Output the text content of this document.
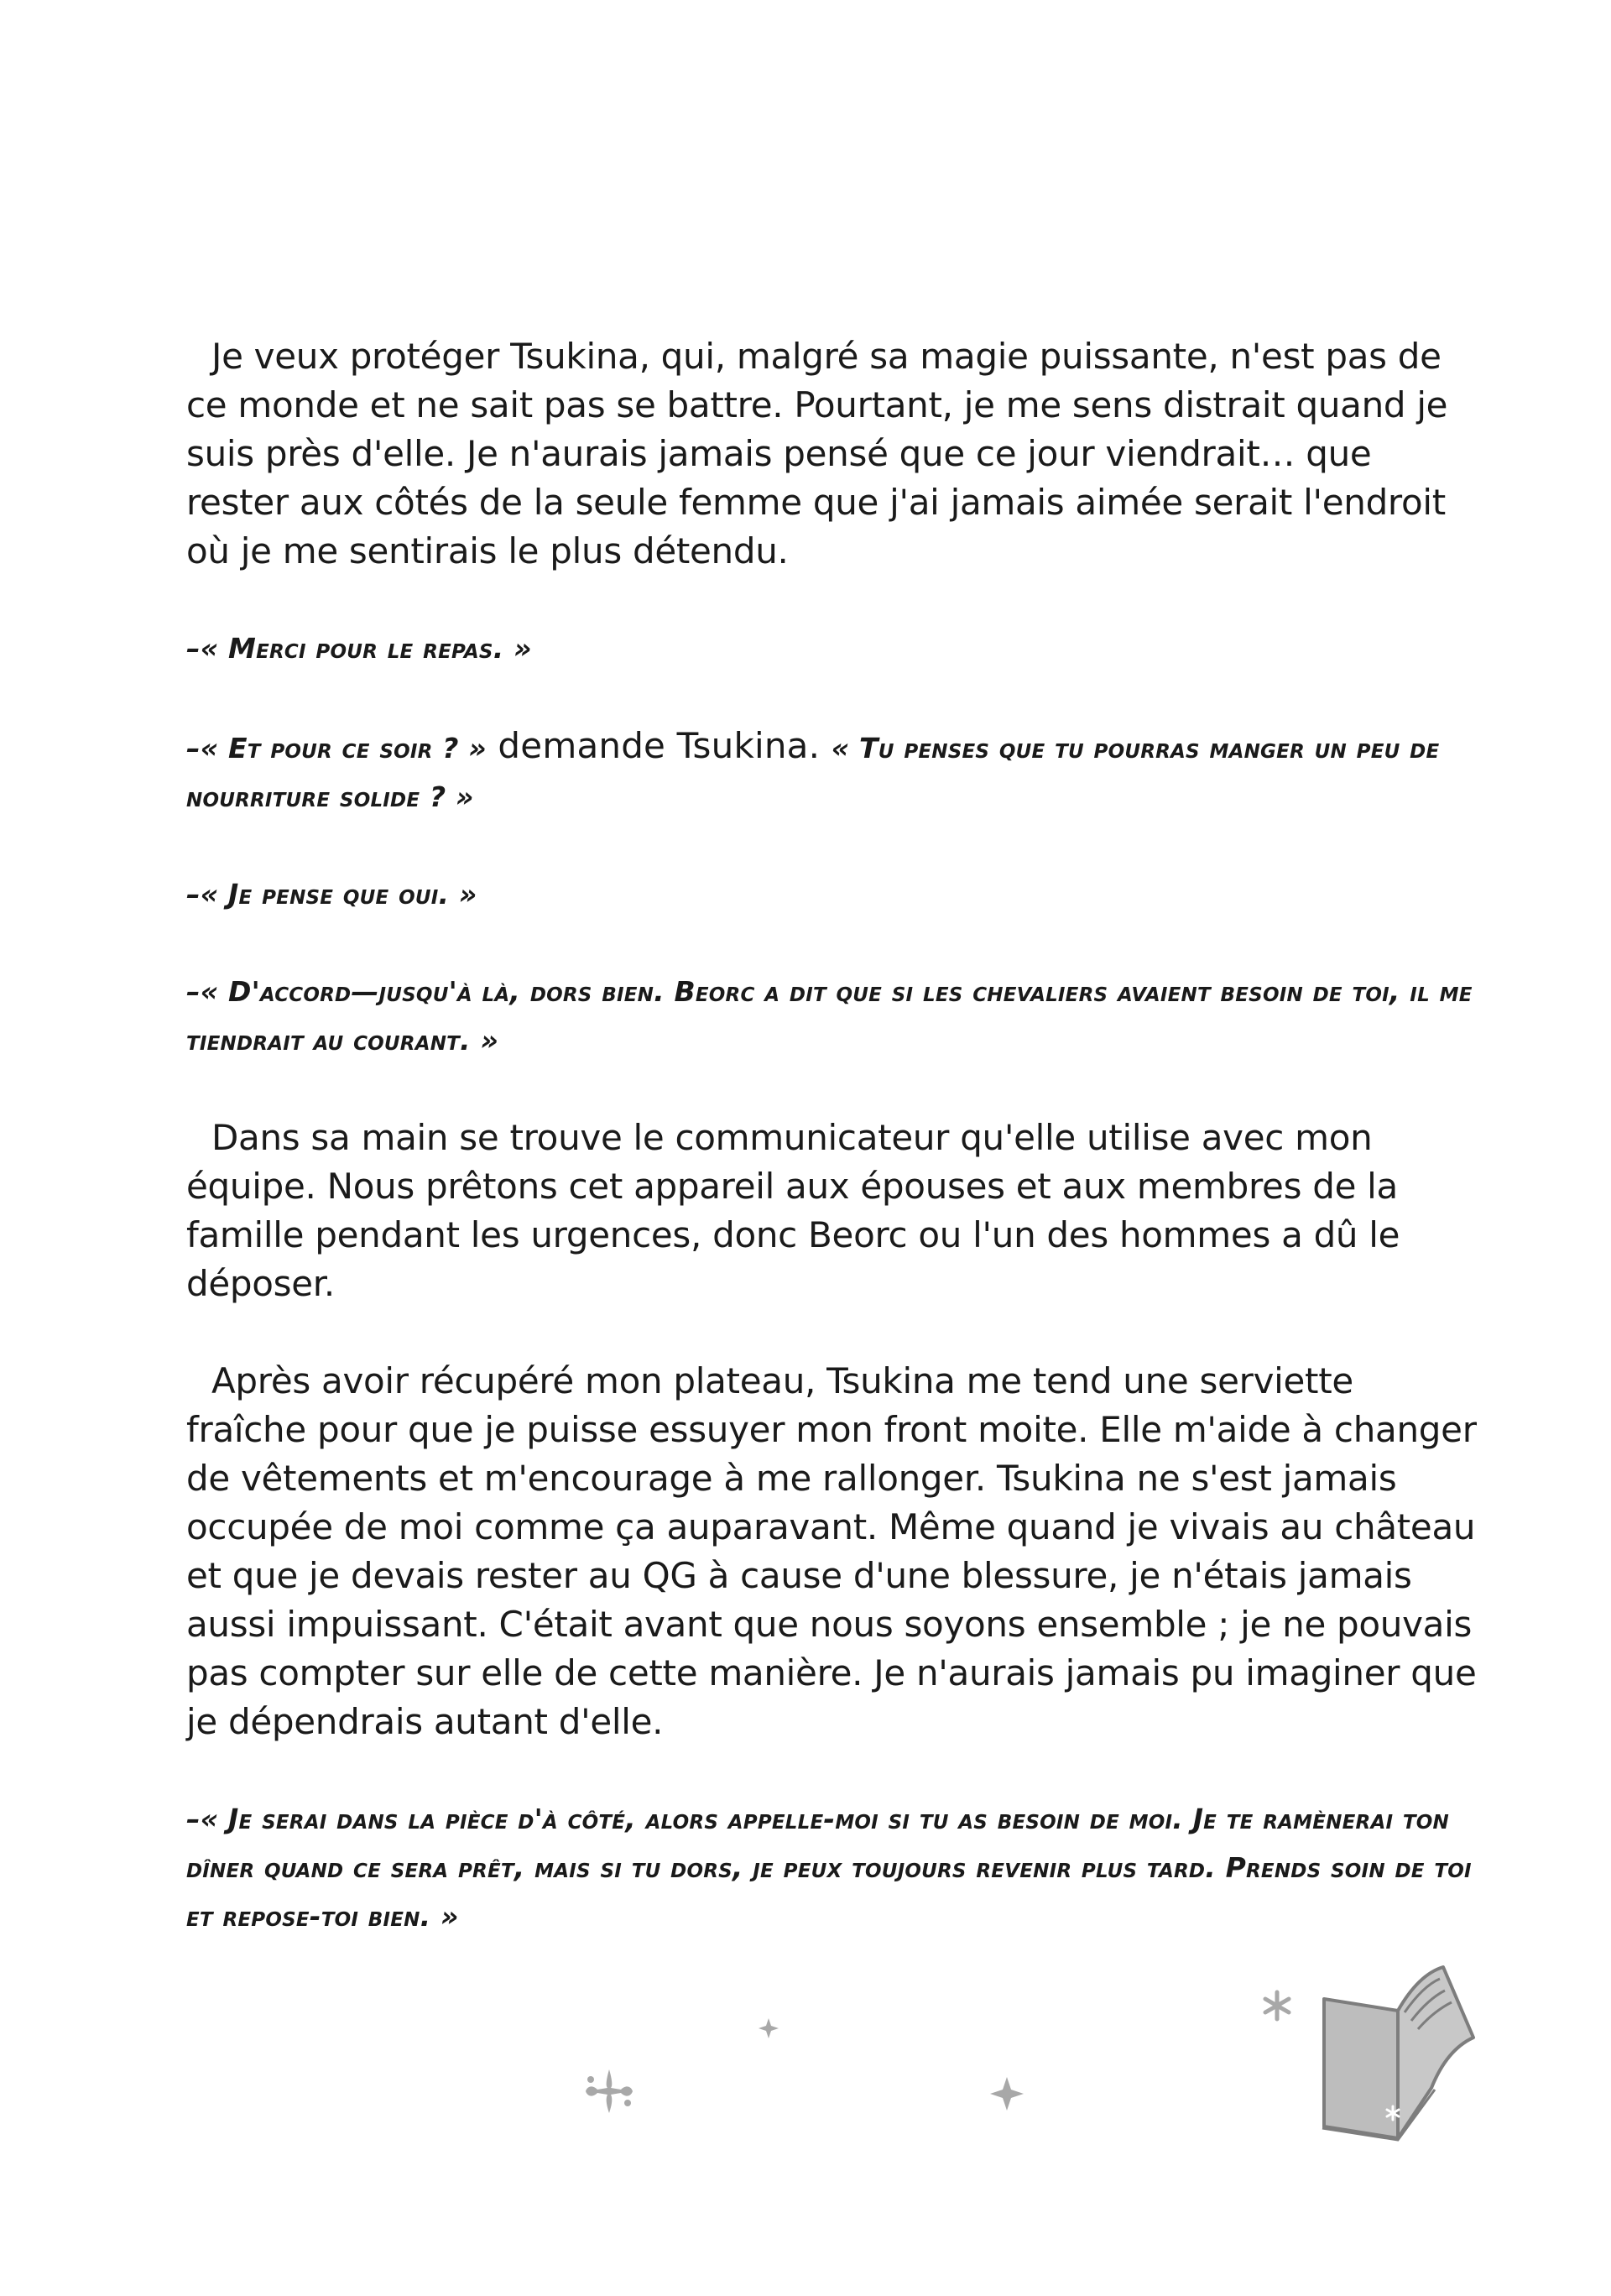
Je veux protéger Tsukina, qui, malgré sa magie puissante, n'est pas de ce monde et ne sait pas se battre. Pourtant, je me sens distrait quand je suis près d'elle. Je n'aurais jamais pensé que ce jour viendrait… que rester aux côtés de la seule femme que j'ai jamais aimée serait l'endroit où je me sentirais le plus détendu.

–« Merci pour le repas. »

–« Et pour ce soir ? » demande Tsukina. « Tu penses que tu pourras manger un peu de nourriture solide ? »

–« Je pense que oui. »

–« D'accord—jusqu'à là, dors bien. Beorc a dit que si les chevaliers avaient besoin de toi, il me tiendrait au courant. »

Dans sa main se trouve le communicateur qu'elle utilise avec mon équipe. Nous prêtons cet appareil aux épouses et aux membres de la famille pendant les urgences, donc Beorc ou l'un des hommes a dû le déposer.

Après avoir récupéré mon plateau, Tsukina me tend une serviette fraîche pour que je puisse essuyer mon front moite. Elle m'aide à changer de vêtements et m'encourage à me rallonger. Tsukina ne s'est jamais occupée de moi comme ça auparavant. Même quand je vivais au château et que je devais rester au QG à cause d'une blessure, je n'étais jamais aussi impuissant. C'était avant que nous soyons ensemble ; je ne pouvais pas compter sur elle de cette manière. Je n'aurais jamais pu imaginer que je dépendrais autant d'elle.

–« Je serai dans la pièce d'à côté, alors appelle-moi si tu as besoin de moi. Je te ramènerai ton dîner quand ce sera prêt, mais si tu dors, je peux toujours revenir plus tard. Prends soin de toi et repose-toi bien. »
